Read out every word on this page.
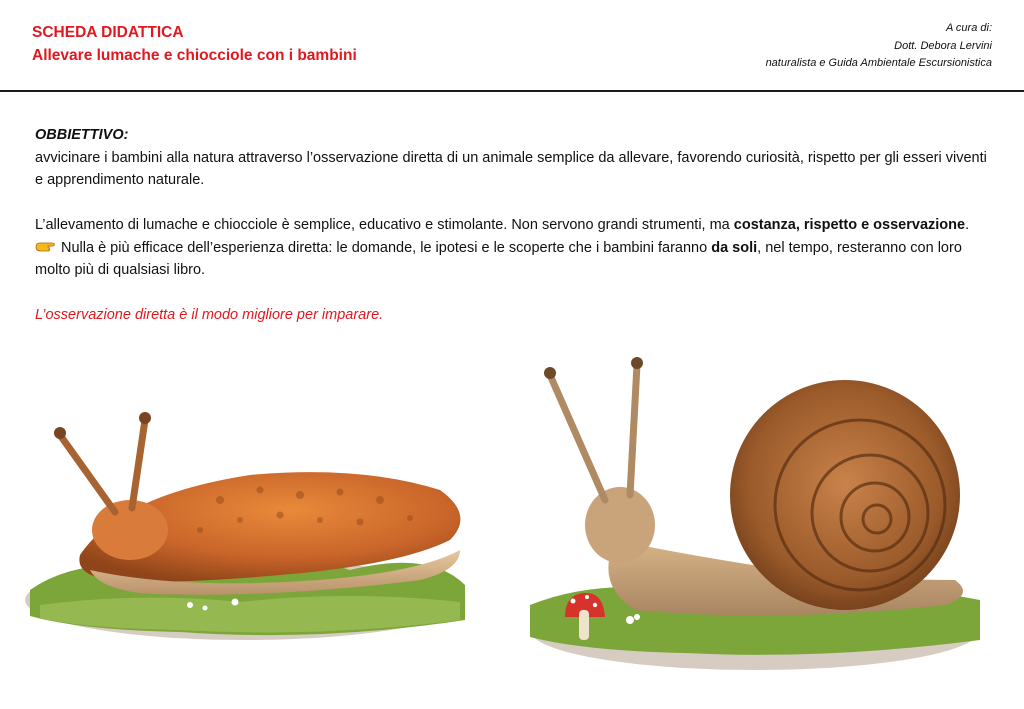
SCHEDA DIDATTICA
Allevare lumache e chiocciole con i bambini
A cura di:
Dott. Debora Lervini
naturalista e Guida Ambientale Escursionistica

OBBIETTIVO:

avvicinare i bambini alla natura attraverso l’osservazione diretta di un animale semplice da allevare, favorendo curiosità, rispetto per gli esseri viventi e apprendimento naturale.

L’allevamento di lumache e chiocciole è semplice, educativo e stimolante. Non servono grandi strumenti, ma costanza, rispetto e osservazione.

Nulla è più efficace dell’esperienza diretta: le domande, le ipotesi e le scoperte che i bambini faranno da soli, nel tempo, resteranno con loro molto più di qualsiasi libro.

L’osservazione diretta è il modo migliore per imparare.
